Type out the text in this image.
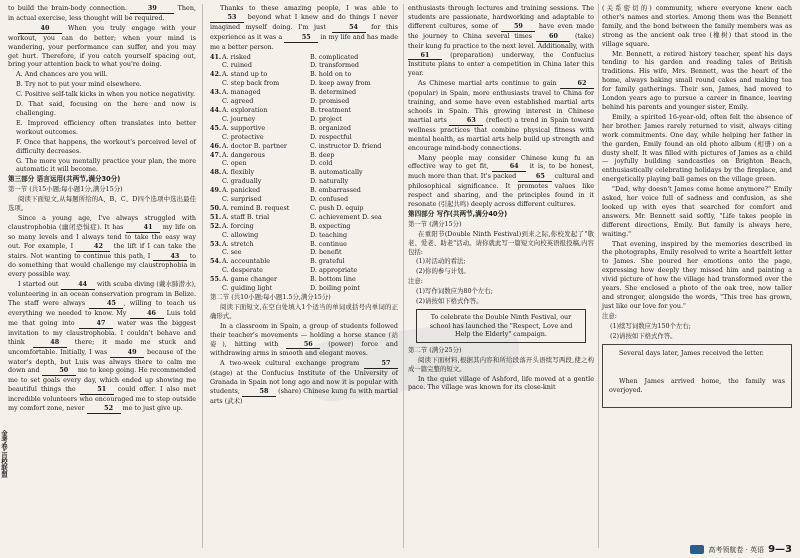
金考卷·百校联盟

to build the brain-body connection.	39	Then, in actual exercise, less thought will be required.

40	When you truly engage with your workout, you can do better; when your mind is wandering, your performance can suffer, and you may get hurt. Therefore, if you catch yourself spacing out, bring your attention back to what you're doing.

A. And chances are you will.

B. Try not to put your mind elsewhere.

C. Positive self-talk kicks in when you notice negativity.

D. That said, focusing on the here and now is challenging.

E. Improved efficiency often translates into better workout outcomes.

F. Once that happens, the workout's perceived level of difficulty decreases.

G. The more you mentally practice your plan, the more automatic it will become.

第三部分 语言运用(共两节,满分30分)

第一节 (共15小题;每小题1分,满分15分)

阅读下面短文,从每题所给的A、B、C、D四个选项中选出最佳选项。

Since a young age, I've always struggled with claustrophobia (幽闭恐惧症). It has	41 my life on so many levels and I always tend to take the easy way out. For example, I	42 the lift if I can take the stairs. Not wanting to continue this path, I	43 to do something that would challenge my claustrophobia in every possible way.

I started out	44 with scuba diving (戴水肺潜水), volunteering in an ocean conservation program in Belize. The staff were always	45 , willing to teach us everything we needed to know. My	46 Luis told me that going into	47 water was the biggest invitation to my claustrophobia. I couldn't behave and think	48 there; it made me stuck and uncomfortable. Initially, I was	49 because of the water's depth, but Luis was always there to calm me down and	50 me to keep going. He recommended me to set goals every day, which ended up showing me beautiful things the	51 could offer. I also met incredible volunteers who encouraged me to step outside my comfort zone, never	52 me to just give up.

Thanks to these amazing people, I was able to 53 beyond what I knew and do things I never imagined myself doing. I'm just	54 for this experience as it was a	55 in my life and has made me a better person.

41. A. risked	B. complicated
C. ruined	D. transformed
42. A. stand up to	B. hold on to
C. step back from	D. keep away from
43. A. managed	B. determined
C. agreed	D. promised
44. A. exploration	B. treatment
C. journey	D. project
45. A. supportive	B. organized
C. protective	D. respectful
46. A. doctor B. partner	C. instructor D. friend
47. A. dangerous	B. deep
C. open	D. cold
48. A. flexibly	B. automatically
C. gradually	D. naturally
49. A. panicked	B. embarrassed
C. surprised	D. confused
50. A. remind B. request	C. push D. equip
51. A. staff B. trial	C. achievement D. sea
52. A. forcing	B. expecting
C. allowing	D. teaching
53. A. stretch	B. continue
C. see	D. benefit
54. A. accountable	B. grateful
C. desperate	D. appropriate
55. A. game changer	B. bottom line
C. guiding light	D. boiling point

第二节 (共10小题;每小题1.5分,满分15分)

阅读下面短文,在空白处填入1个适当的单词或括号内单词的正确形式。

In a classroom in Spain, a group of students followed their teacher's movements — holding a horse stance (站姿), hitting with	56 (power) force and withdrawing arms in smooth and elegant moves.

A two-week cultural exchange program	57 (stage) at the Confucius Institute of the University of Granada in Spain not long ago and now it is popular with students,	58 (share) Chinese kung fu with martial arts (武术)

enthusiasts through lectures and training sessions. The students are passionate, hardworking and adaptable to different cultures, some of 59 have even made the journey to China several times	60	(take) their kung fu practice to the next level. Additionally, with 61	(preparation) underway, the Confucius Institute plans to enter a competition in China later this year.

As Chinese martial arts continue to gain	62 (popular) in Spain, more enthusiasts travel to China for training, and some have even established martial arts schools in Spain. This growing interest in Chinese martial arts	63 (reflect) a trend in Spain toward wellness practices that combine physical fitness with mental health, as martial arts help build up strength and encourage mind-body connections.

Many people may consider Chinese kung fu an effective way to get fit,	64 it is, to be honest, much more than that. It's packed	65 cultural and philosophical significance. It promotes values like respect and sharing, and the principles found in it resonate (引起共鸣) deeply across different cultures.

第四部分 写作(共两节,满分40分)

第一节 (满分15分)

在重阳节(Double Ninth Festival)到来之际,你校发起了"敬老、爱老、助老"活动。请你就此写一篇短文向校英语报投稿,内容包括:

(1)对活动的看法;

(2)你的参与计划。

注意:

(1)写作词数应为80个左右;

(2)请按如下格式作答。

To celebrate the Double Ninth Festival, our school has launched the "Respect, Love and Help the Elderly" campaign.

第二节 (满分25分)

阅读下面材料,根据其内容和所给段落开头语续写两段,使之构成一篇完整的短文。

In the quiet village of Ashford, life moved at a gentle pace. The village was known for its close-knit

(关系密切的) community, where everyone knew each other's names and stories. Among them was the Bennett family, and the bond between the family members was as strong as the ancient oak tree (橡树) that stood in the village square.

Mr. Bennett, a retired history teacher, spent his days tending to his garden and reading tales of British traditions. His wife, Mrs. Bennett, was the heart of the home, always baking small round cakes and making tea for family gatherings. Their son, James, had moved to London years ago to pursue a career in finance, leaving behind his parents and younger sister, Emily.

Emily, a spirited 16-year-old, often felt the absence of her brother. James rarely returned to visit, always citing work commitments. One day, while helping her father in the garden, Emily found an old photo album (相册) on a dusty shelf. It was filled with pictures of James as a child — joyfully building sandcastles on Brighton Beach, enthusiastically celebrating holidays by the fireplace, and energetically playing ball games on the village green.

"Dad, why doesn't James come home anymore?" Emily asked, her voice full of sadness and confusion, as she looked up with eyes that searched for comfort and answers. Mr. Bennett said softly, "Life takes people in different directions, Emily. But family is always here, waiting."

That evening, inspired by the memories described in the photographs, Emily resolved to write a heartfelt letter to James. She poured her emotions onto the page, expressing how deeply they missed him and painting a vivid picture of how the village had transformed over the years. She enclosed a photo of the oak tree, now taller and stronger, alongside the words, "This tree has grown, just like our love for you."

注意:

(1)续写词数应为150个左右;

(2)请按如下格式作答。

Several days later, James received the letter.

When James arrived home, the family was overjoyed.

高考领航卷 · 英语 9—3
